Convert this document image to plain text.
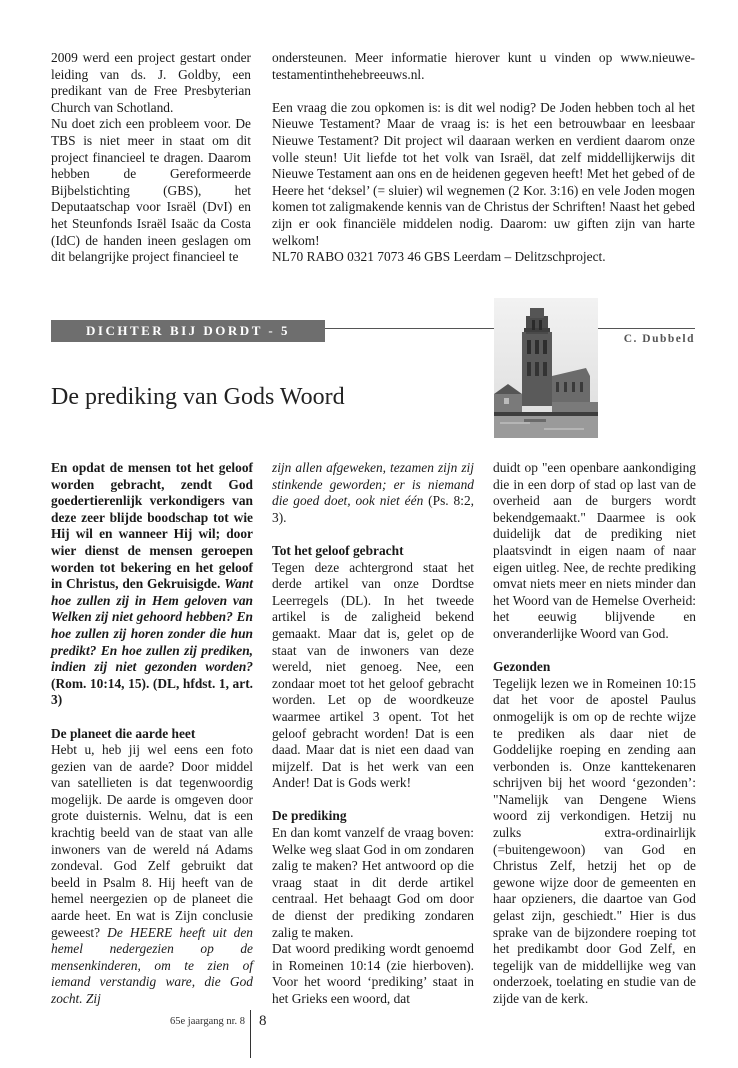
2009 werd een project gestart onder leiding van ds. J. Goldby, een predikant van de Free Presbyterian Church van Schotland.

Nu doet zich een probleem voor. De TBS is niet meer in staat om dit project financieel te dragen. Daarom hebben de Gereformeerde Bijbelstichting (GBS), het Deputaatschap voor Israël (DvI) en het Steunfonds Israël Isaäc da Costa (IdC) de handen ineen geslagen om dit belangrijke project financieel te

ondersteunen. Meer informatie hierover kunt u vinden op www.nieuwe-testamentinthehebreeuws.nl.

Een vraag die zou opkomen is: is dit wel nodig? De Joden hebben toch al het Nieuwe Testament? Maar de vraag is: is het een betrouwbaar en leesbaar Nieuwe Testament? Dit project wil daaraan werken en verdient daarom onze volle steun! Uit liefde tot het volk van Israël, dat zelf middellijkerwijs dit Nieuwe Testament aan ons en de heidenen gegeven heeft! Met het gebed of de Heere het ‘deksel’ (= sluier) wil wegnemen (2 Kor. 3:16) en vele Joden mogen komen tot zaligmakende kennis van de Christus der Schriften! Naast het gebed zijn er ook financiële middelen nodig. Daarom: uw giften zijn van harte welkom!

NL70 RABO 0321 7073 46 GBS Leerdam – Delitzschproject.

DICHTER BIJ DORDT - 5
C. Dubbeld
De prediking van Gods Woord

En opdat de mensen tot het geloof worden gebracht, zendt God goedertierenlijk verkondigers van deze zeer blijde boodschap tot wie Hij wil en wanneer Hij wil; door wier dienst de mensen geroepen worden tot bekering en het geloof in Christus, den Gekruisigde. Want hoe zullen zij in Hem geloven van Welken zij niet gehoord hebben? En hoe zullen zij horen zonder die hun predikt? En hoe zullen zij prediken, indien zij niet gezonden worden? (Rom. 10:14, 15). (DL, hfdst. 1, art. 3)

De planeet die aarde heet

Hebt u, heb jij wel eens een foto gezien van de aarde? Door middel van satellieten is dat tegenwoordig mogelijk. De aarde is omgeven door grote duisternis. Welnu, dat is een krachtig beeld van de staat van alle inwoners van de wereld ná Adams zondeval. God Zelf gebruikt dat beeld in Psalm 8. Hij heeft van de hemel neergezien op de planeet die aarde heet. En wat is Zijn conclusie geweest? De HEERE heeft uit den hemel nedergezien op de mensenkinderen, om te zien of iemand verstandig ware, die God zocht. Zij

zijn allen afgeweken, tezamen zijn zij stinkende geworden; er is niemand die goed doet, ook niet één (Ps. 8:2, 3).

Tot het geloof gebracht

Tegen deze achtergrond staat het derde artikel van onze Dordtse Leerregels (DL). In het tweede artikel is de zaligheid bekend gemaakt. Maar dat is, gelet op de staat van de inwoners van deze wereld, niet genoeg. Nee, een zondaar moet tot het geloof gebracht worden. Let op de woordkeuze waarmee artikel 3 opent. Tot het geloof gebracht worden! Dat is een daad. Maar dat is niet een daad van mijzelf. Dat is het werk van een Ander! Dat is Gods werk!

De prediking

En dan komt vanzelf de vraag boven: Welke weg slaat God in om zondaren zalig te maken? Het antwoord op die vraag staat in dit derde artikel centraal. Het behaagt God om door de dienst der prediking zondaren zalig te maken.

Dat woord prediking wordt genoemd in Romeinen 10:14 (zie hierboven). Voor het woord ‘prediking’ staat in het Grieks een woord, dat

duidt op "een openbare aankondiging die in een dorp of stad op last van de overheid aan de burgers wordt bekendgemaakt." Daarmee is ook duidelijk dat de prediking niet plaatsvindt in eigen naam of naar eigen uitleg. Nee, de rechte prediking omvat niets meer en niets minder dan het Woord van de Hemelse Overheid: het eeuwig blijvende en onveranderlijke Woord van God.

Gezonden

Tegelijk lezen we in Romeinen 10:15 dat het voor de apostel Paulus onmogelijk is om op de rechte wijze te prediken als daar niet de Goddelijke roeping en zending aan verbonden is. Onze kanttekenaren schrijven bij het woord ‘gezonden’: "Namelijk van Dengene Wiens woord zij verkondigen. Hetzij nu zulks extra-ordinairlijk (=buitengewoon) van God en Christus Zelf, hetzij het op de gewone wijze door de gemeenten en haar opzieners, die daartoe van God gelast zijn, geschiedt." Hier is dus sprake van de bijzondere roeping tot het predikambt door God Zelf, en tegelijk van de middellijke weg van onderzoek, toelating en studie van de zijde van de kerk.

65e jaargang nr. 8 8
